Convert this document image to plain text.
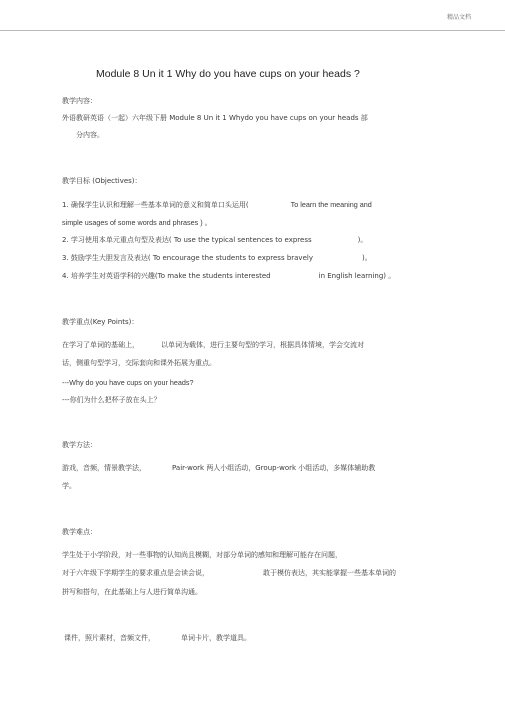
精品文档
Module 8 Un it 1 Why do you have cups on your heads ?
教学内容：
外语教研英语（一起）六年级下册 Module 8 Un it 1 Whydo you have cups on your heads 部
分内容。
教学目标 (Objectives)：
1. 确保学生认识和理解一些基本单词的意义和简单口头运用(	To learn the meaning and
simple usages of some words and phrases ) 。
2. 学习使用本单元重点句型及表达( To use the typical sentences to express	)。
3. 鼓励学生大胆发言及表达( To encourage the students to express bravely	)。
4. 培养学生对英语学科的兴趣(To make the students interested	in English learning) 。
教学重点(Key Points)：
在学习了单词的基础上，	以单词为载体，进行主要句型的学习，根据具体情境，学会交流对
话，侧重句型学习，交际套向和课外拓展为重点。
---Why do you have cups on your heads?
---你们为什么把杯子放在头上？
教学方法：
游戏，音频，情景教学法，	Pair-work 两人小组活动，Group-work 小组活动，多媒体辅助教
学。
教学难点：
学生处于小学阶段，对一些事物的认知尚且模糊，对部分单词的感知和理解可能存在问题，
对于六年级下学期学生的要求重点是会读会说，	敢于模仿表达，其实能掌握一些基本单词的
拼写和搭句，在此基础上与人进行简单沟通。
课件，照片素材，音频文件，	单词卡片，教学道具。
